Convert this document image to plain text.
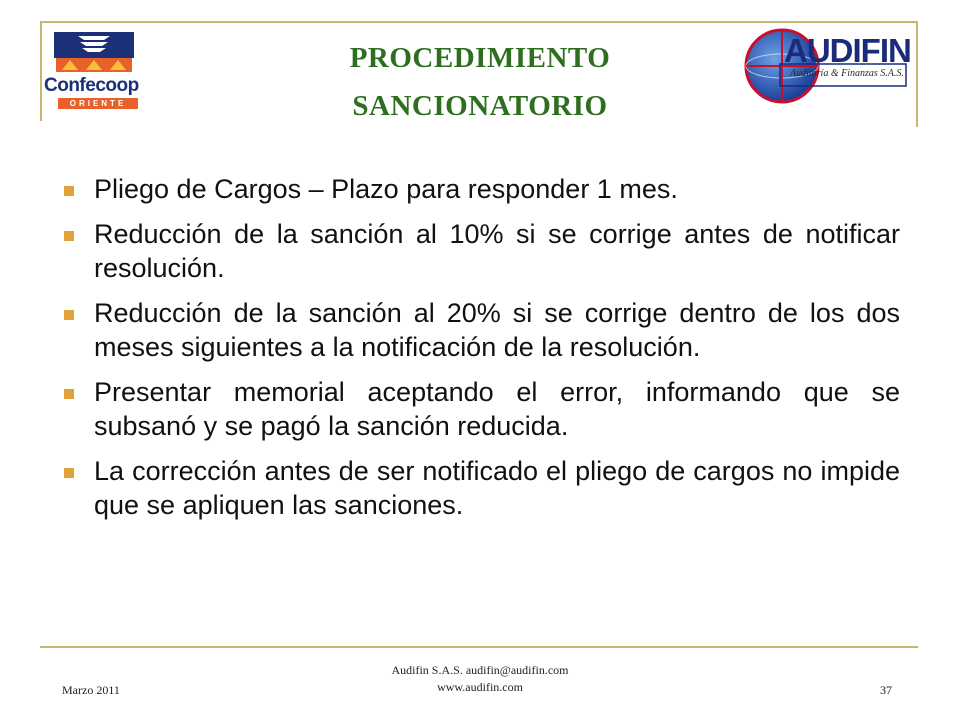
Confecoop
ORIENTE
PROCEDIMIENTO
SANCIONATORIO
AUDIFIN
Auditoría & Finanzas S.A.S.
Pliego de Cargos – Plazo para responder 1 mes.
Reducción de la sanción al 10% si se corrige antes de notificar resolución.
Reducción de la sanción al 20% si se corrige dentro de los dos meses siguientes a la notificación de la resolución.
Presentar memorial aceptando el error, informando que se subsanó y se pagó la sanción reducida.
La corrección antes de ser notificado el pliego de cargos no impide que se apliquen las sanciones.
Marzo 2011
Audifin S.A.S. audifin@audifin.com
www.audifin.com	37
